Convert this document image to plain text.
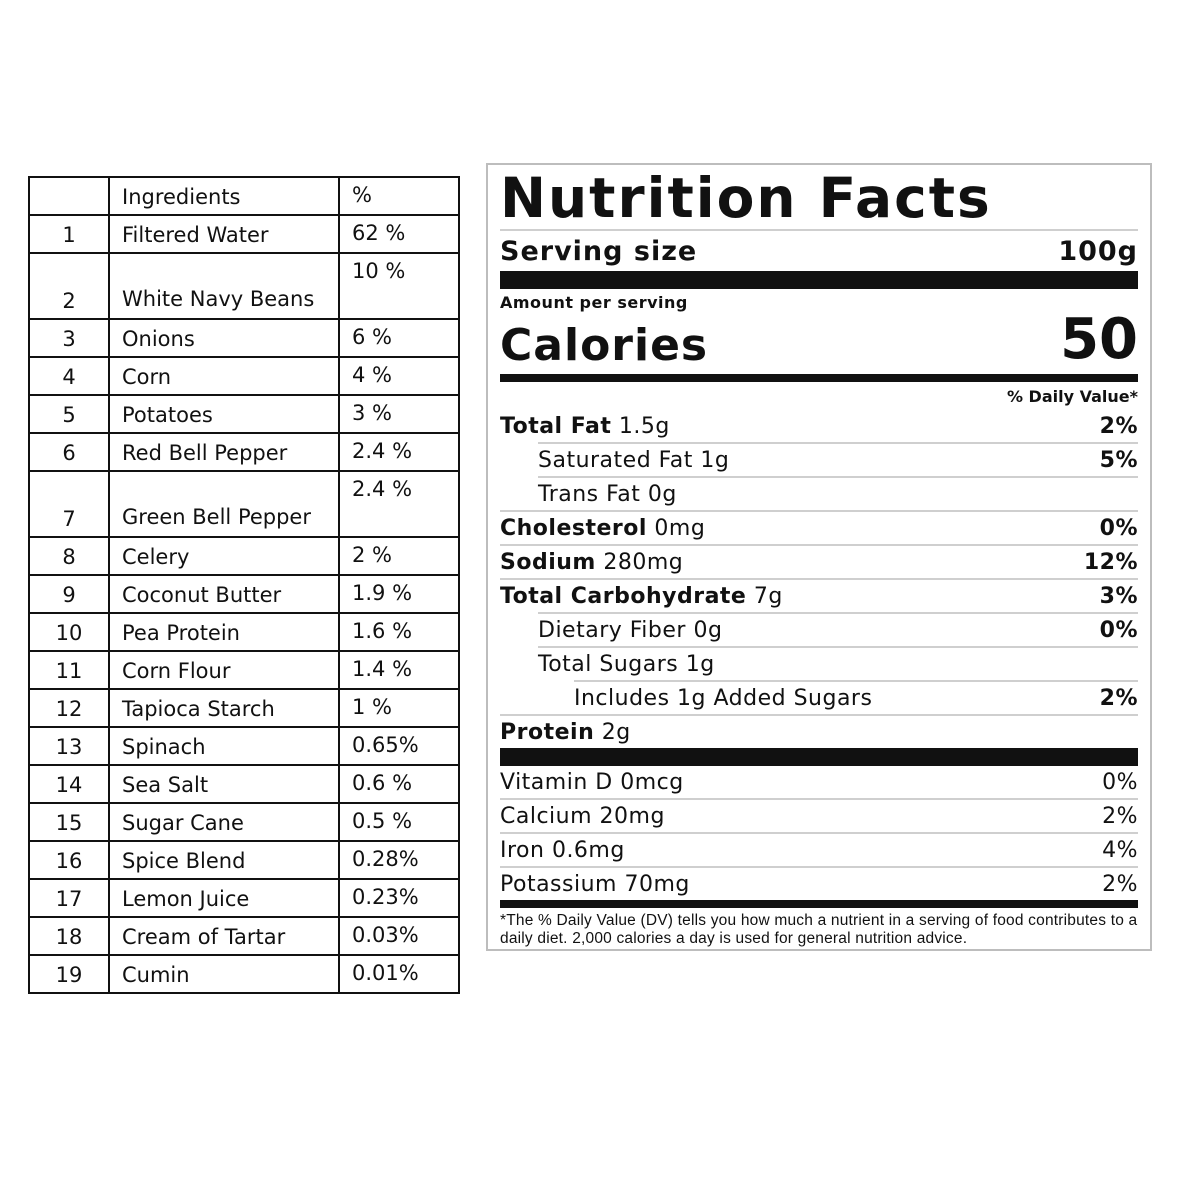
	Ingredients	%
1	Filtered Water	62 %
2	White Navy Beans	10 %
3	Onions	6 %
4	Corn	4 %
5	Potatoes	3 %
6	Red Bell Pepper	2.4 %
7	Green Bell Pepper	2.4 %
8	Celery	2 %
9	Coconut Butter	1.9 %
10	Pea Protein	1.6 %
11	Corn Flour	1.4 %
12	Tapioca Starch	1 %
13	Spinach	0.65%
14	Sea Salt	0.6 %
15	Sugar Cane	0.5 %
16	Spice Blend	0.28%
17	Lemon Juice	0.23%
18	Cream of Tartar	0.03%
19	Cumin	0.01%
Nutrition Facts
Serving size	100g
Amount per serving
Calories	50
% Daily Value*
Total Fat 1.5g	2%
Saturated Fat 1g	5%
Trans Fat 0g
Cholesterol 0mg	0%
Sodium 280mg	12%
Total Carbohydrate 7g	3%
Dietary Fiber 0g	0%
Total Sugars 1g
Includes 1g Added Sugars	2%
Protein 2g
Vitamin D 0mcg	0%
Calcium 20mg	2%
Iron 0.6mg	4%
Potassium 70mg	2%
*The % Daily Value (DV) tells you how much a nutrient in a serving of food contributes to a daily diet. 2,000 calories a day is used for general nutrition advice.
